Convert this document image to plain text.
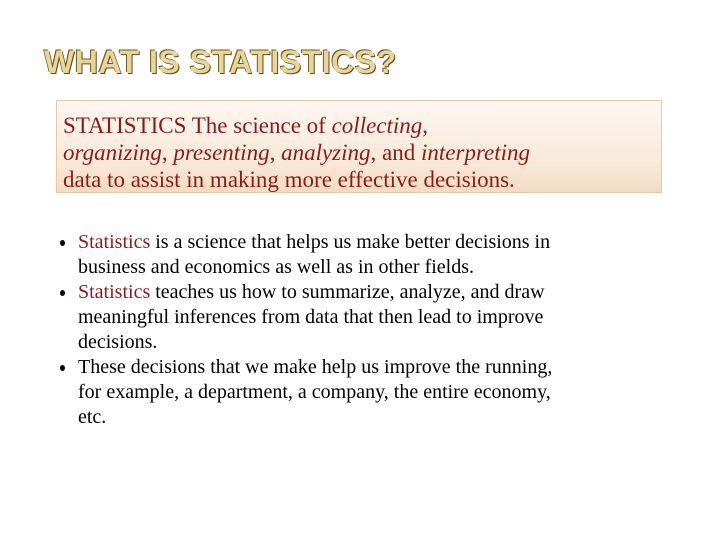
WHAT IS STATISTICS?

STATISTICS The science of collecting,
organizing, presenting, analyzing, and interpreting
data to assist in making more effective decisions.

Statistics is a science that helps us make better decisions in
business and economics as well as in other fields.
Statistics teaches us how to summarize, analyze, and draw
meaningful inferences from data that then lead to improve
decisions.
These decisions that we make help us improve the running,
for example, a department, a company, the entire economy,
etc.
